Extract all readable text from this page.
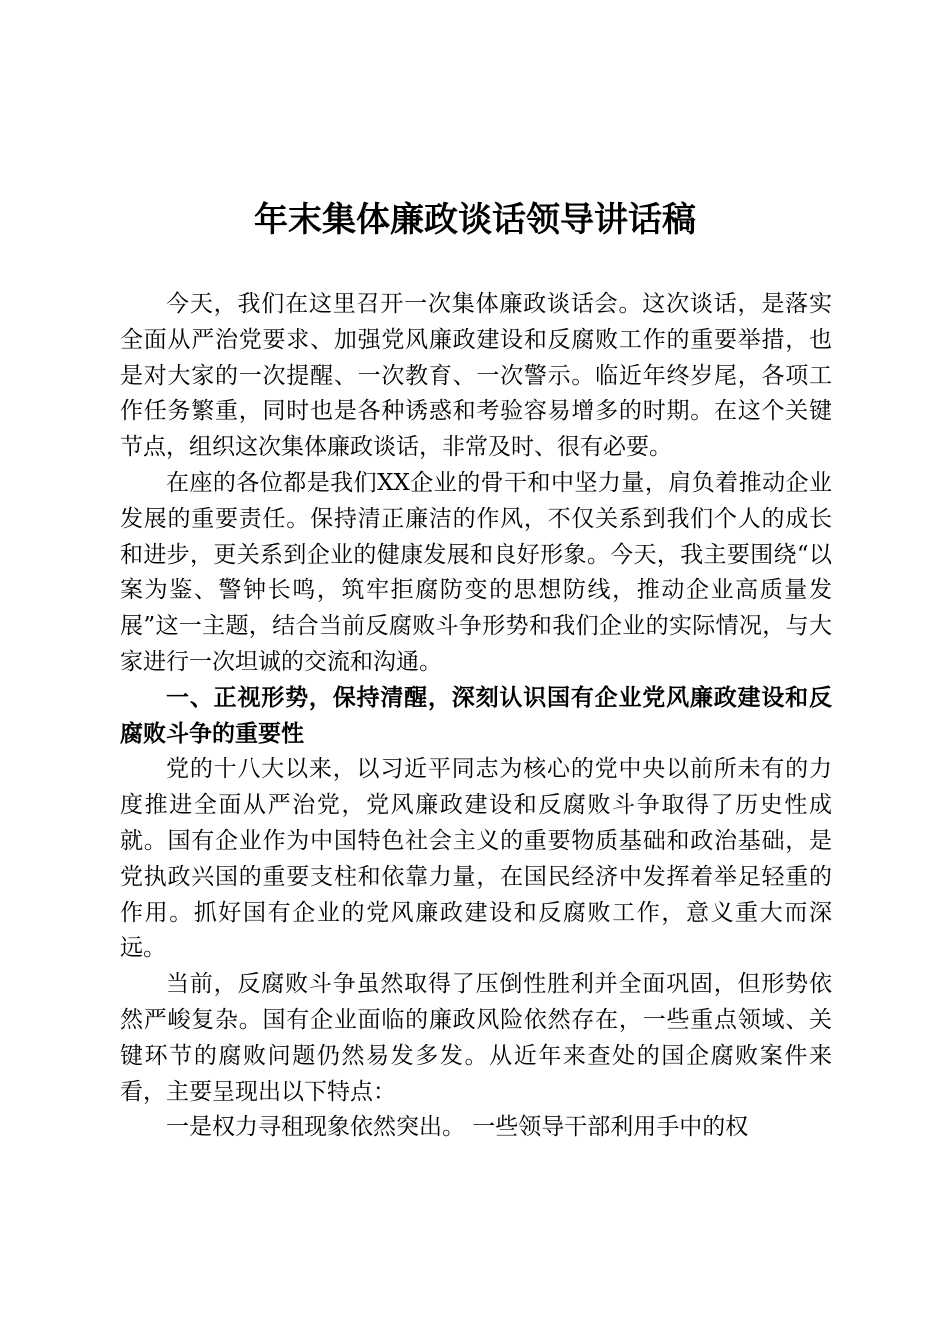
年末集体廉政谈话领导讲话稿

今天，我们在这里召开一次集体廉政谈话会。这次谈话，是落实全面从严治党要求、加强党风廉政建设和反腐败工作的重要举措，也是对大家的一次提醒、一次教育、一次警示。临近年终岁尾，各项工作任务繁重，同时也是各种诱惑和考验容易增多的时期。在这个关键节点，组织这次集体廉政谈话，非常及时、很有必要。

在座的各位都是我们XX企业的骨干和中坚力量，肩负着推动企业发展的重要责任。保持清正廉洁的作风，不仅关系到我们个人的成长和进步，更关系到企业的健康发展和良好形象。今天，我主要围绕“以案为鉴、警钟长鸣，筑牢拒腐防变的思想防线，推动企业高质量发展”这一主题，结合当前反腐败斗争形势和我们企业的实际情况，与大家进行一次坦诚的交流和沟通。

一、正视形势，保持清醒，深刻认识国有企业党风廉政建设和反腐败斗争的重要性

党的十八大以来，以习近平同志为核心的党中央以前所未有的力度推进全面从严治党，党风廉政建设和反腐败斗争取得了历史性成就。国有企业作为中国特色社会主义的重要物质基础和政治基础，是党执政兴国的重要支柱和依靠力量，在国民经济中发挥着举足轻重的作用。抓好国有企业的党风廉政建设和反腐败工作，意义重大而深远。

当前，反腐败斗争虽然取得了压倒性胜利并全面巩固，但形势依然严峻复杂。国有企业面临的廉政风险依然存在，一些重点领域、关键环节的腐败问题仍然易发多发。从近年来查处的国企腐败案件来看，主要呈现出以下特点：

一是权力寻租现象依然突出。 一些领导干部利用手中的权
